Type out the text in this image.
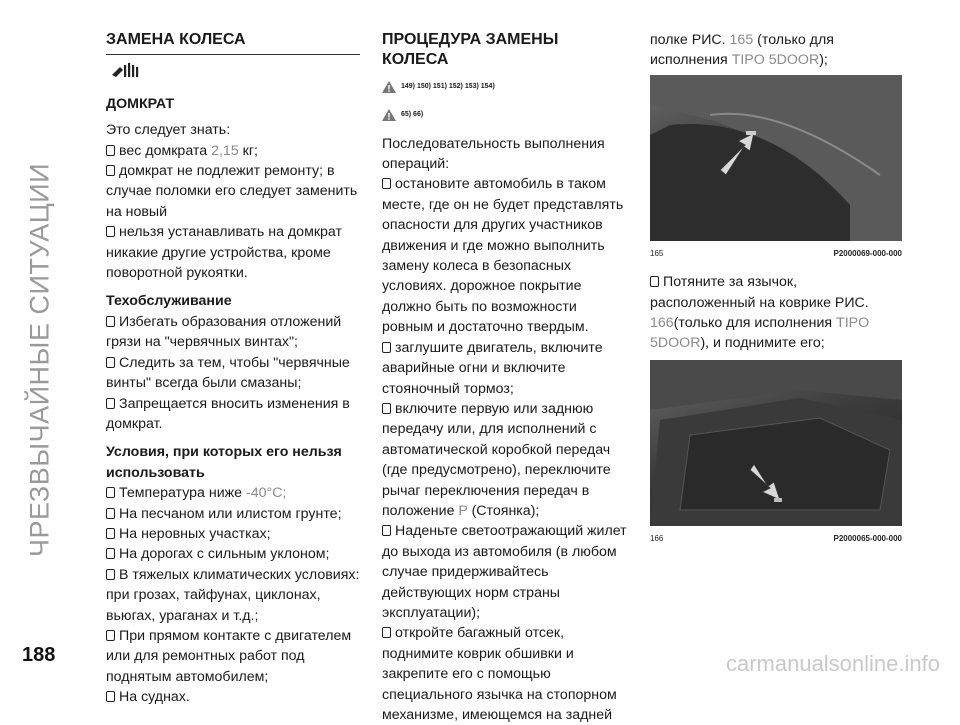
ЧРЕЗВЫЧАЙНЫЕ СИТУАЦИИ
188	carmanualsonline.info
ЗАМЕНА КОЛЕСА
ДОМКРАТ

Это следует знать:

вес домкрата 2,15 кг;

домкрат не подлежит ремонту; в случае поломки его следует заменить на новый

нельзя устанавливать на домкрат никакие другие устройства, кроме поворотной рукоятки.

Техобслуживание

Избегать образования отложений грязи на "червячных винтах";

Следить за тем, чтобы "червячные винты" всегда были смазаны;

Запрещается вносить изменения в домкрат.

Условия, при которых его нельзя использовать

Температура ниже -40°C;

На песчаном или илистом грунте;

На неровных участках;

На дорогах с сильным уклоном;

В тяжелых климатических условиях: при грозах, тайфунах, циклонах, вьюгах, ураганах и т.д.;

При прямом контакте с двигателем или для ремонтных работ под поднятым автомобилем;

На суднах.

ПРОЦЕДУРА ЗАМЕНЫ КОЛЕСА
149) 150) 151) 152) 153) 154)
65) 66)

Последовательность выполнения операций:

остановите автомобиль в таком месте, где он не будет представлять опасности для других участников движения и где можно выполнить замену колеса в безопасных условиях. дорожное покрытие должно быть по возможности ровным и достаточно твердым.

заглушите двигатель, включите аварийные огни и включите стояночный тормоз;

включите первую или заднюю передачу или, для исполнений с автоматической коробкой передач (где предусмотрено), переключите рычаг переключения передач в положение P (Стоянка);

Наденьте светоотражающий жилет до выхода из автомобиля (в любом случае придерживайтесь действующих норм страны эксплуатации);

откройте багажный отсек, поднимите коврик обшивки и закрепите его с помощью специального язычка на стопорном механизме, имеющемся на задней

полке РИС. 165 (только для исполнения TIPO 5DOOR);

165	P2000069-000-000

Потяните за язычок, расположенный на коврике РИС. 166(только для исполнения TIPO 5DOOR), и поднимите его;

166	P2000065-000-000
